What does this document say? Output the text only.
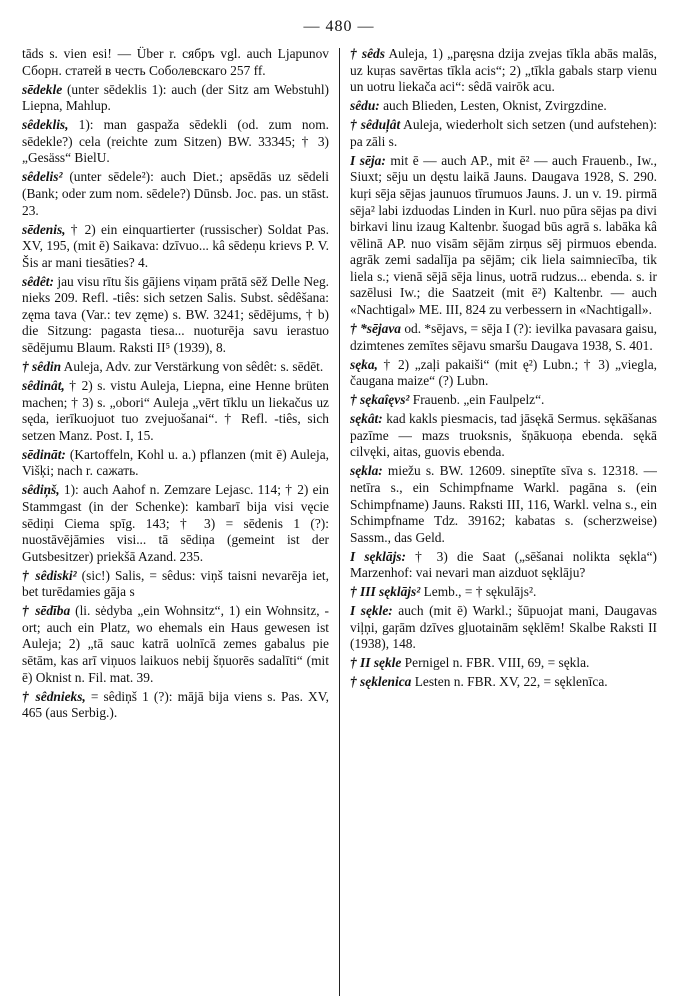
— 480 —

tāds s. vien esi! — Über r. сябръ vgl. auch Ljapunov Сборн. статей в честь Соболевскаго 257 ff.

sēdekle (unter sēdeklis 1): auch (der Sitz am Webstuhl) Liepna, Mahlup.

sêdeklis, 1): man gaspaža sēdekli (od. zum nom. sēdekle?) cela (reichte zum Sitzen) BW. 33345; † 3) „Gesäss“ BielU.

sêdelis² (unter sēdele²): auch Diet.; apsēdās uz sēdeli (Bank; oder zum nom. sēdele?) Dūnsb. Joc. pas. un stāst. 23.

sēdenis, † 2) ein einquartierter (russischer) Soldat Pas. XV, 195, (mit ē) Saikava: dzīvuo... kâ sēdeņu krievs P. V. Šis ar mani tiesāties? 4.

sêdêt: jau visu rītu šis gājiens viņam prātā sēž Delle Neg. nieks 209. Refl. -tiês: sich setzen Salis. Subst. sêdêšana: zęma tava (Var.: tev zęme) s. BW. 3241; sēdējums, † b) die Sitzung: pagasta tiesa... nuoturēja savu ierastuo sēdējumu Blaum. Raksti II⁵ (1939), 8.

† sêdin Auleja, Adv. zur Verstärkung von sêdêt: s. sēdēt.

sêdinât, † 2) s. vistu Auleja, Liepna, eine Henne brüten machen; † 3) s. „obori“ Auleja „vērt tīklu un liekačus uz sęda, ierīkuojuot tuo zvejuošanai“. † Refl. -tiês, sich setzen Manz. Post. I, 15.

sēdināt: (Kartoffeln, Kohl u. a.) pflanzen (mit ē) Auleja, Višķi; nach r. сажать.

sêdiņš, 1): auch Aahof n. Zemzare Lejasc. 114; † 2) ein Stammgast (in der Schenke): kambarī bija visi vęcie sēdiņi Ciema spīg. 143; † 3) = sēdenis 1 (?): nuostāvējāmies visi... tā sēdiņa (gemeint ist der Gutsbesitzer) priekšā Azand. 235.

† sêdiski² (sic!) Salis, = sêdus: viņš taisni nevarēja iet, bet turēdamies gāja s

† sēdība (li. sėdyba „ein Wohnsitz“, 1) ein Wohnsitz, -ort; auch ein Platz, wo ehemals ein Haus gewesen ist Auleja; 2) „tā sauc katrā uolnīcā zemes gabalus pie sētām, kas arī viņuos laikuos nebij šņuorēs sadalīti“ (mit ē) Oknist n. Fil. mat. 39.

† sêdnieks, = sêdiņš 1 (?): mājā bija viens s. Pas. XV, 465 (aus Serbig.).

† sêds Auleja, 1) „paręsna dzija zvejas tīkla abās malās, uz kuŗas savērtas tīkla acis“; 2) „tīkla gabals starp vienu un uotru liekača aci“: sêdā vairōk acu.

sêdu: auch Blieden, Lesten, Oknist, Zvirgzdine.

† sêduļât Auleja, wiederholt sich setzen (und aufstehen): pa zāli s.

I sēja: mit ē — auch AP., mit ē² — auch Frauenb., Iw., Siuxt; sēju un dęstu laikā Jauns. Daugava 1928, S. 290. kuŗi sēja sējas jaunuos tīrumuos Jauns. J. un v. 19. pirmā sēja² labi izduodas Linden in Kurl. nuo pūra sējas pa divi birkavi linu izaug Kaltenbr. šuogad būs agrā s. labāka kâ vēlinā AP. nuo visām sējām zirņus sēj pirmuos ebenda. agrāk zemi sadalīja pa sējām; cik liela saimniecība, tik liela s.; vienā sējā sēja linus, uotrā rudzus... ebenda. s. ir sazēlusi Iw.; die Saatzeit (mit ē²) Kaltenbr. — auch «Nachtigal» ME. III, 824 zu verbessern in «Nachtigall».

† *sējava od. *sējavs, = sēja I (?): ievilka pavasara gaisu, dzimtenes zemītes sējavu smaršu Daugava 1938, S. 401.

sęka, † 2) „zaļi pakaiši“ (mit ę²) Lubn.; † 3) „viegla, čaugana maize“ (?) Lubn.

† sękaîęvs² Frauenb. „ein Faulpelz“.

sękât: kad kakls piesmacis, tad jāsękā Sermus. sękāšanas pazīme — mazs truoksnis, šņākuoņa ebenda. sękā cilvęki, aitas, guovis ebenda.

sękla: miežu s. BW. 12609. sineptīte sīva s. 12318. — netīra s., ein Schimpfname Warkl. pagāna s. (ein Schimpfname) Jauns. Raksti III, 116, Warkl. velna s., ein Schimpfname Tdz. 39162; kabatas s. (scherzweise) Sassm., das Geld.

I sęklājs: † 3) die Saat („sēšanai nolikta sękla“) Marzenhof: vai nevari man aizduot sęklāju?

† III sęklājs² Lemb., = † sękulājs².

I sękle: auch (mit ē) Warkl.; šūpuojat mani, Daugavas viļņi, gaŗām dzīves gļuotainām sęklēm! Skalbe Raksti II (1938), 148.

† II sękle Pernigel n. FBR. VIII, 69, = sękla.

† sęklenica Lesten n. FBR. XV, 22, = sęklenīca.
